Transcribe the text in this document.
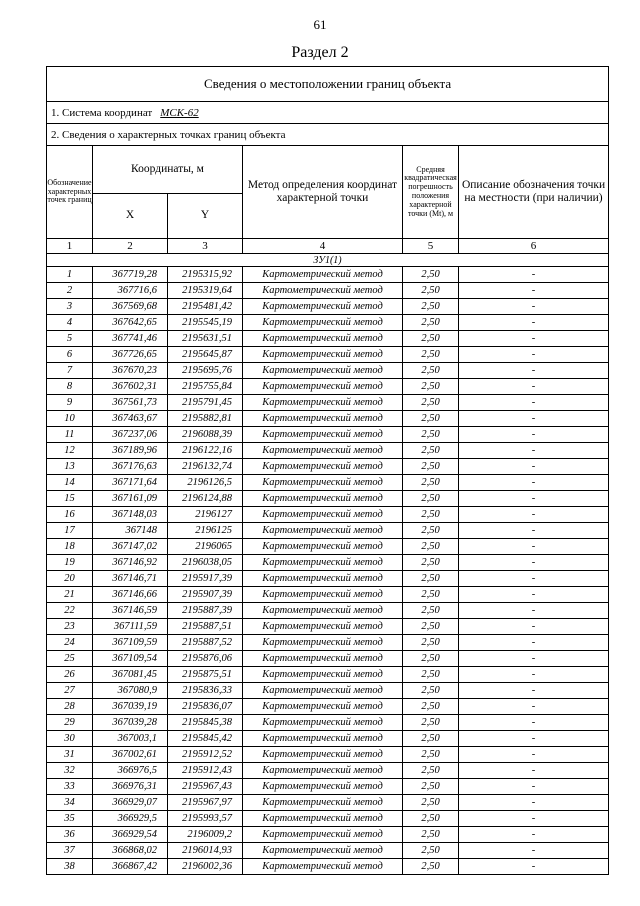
61
Раздел 2
Сведения о местоположении границ объекта					
1. Система координат МСК-62					
2. Сведения о характерных точках границ объекта					
Обозначение характерных точек границ	Координаты, м		Метод определения координат характерной точки	Средняя квадратическая погрешность положения характерной точки (Mt), м	Описание обозначения точки на местности (при наличии)
	X	Y			
1	2	3	4	5	6
ЗУ1(1)					
1	367719,28	2195315,92	Картометрический метод	2,50	-
2	367716,6	2195319,64	Картометрический метод	2,50	-
3	367569,68	2195481,42	Картометрический метод	2,50	-
4	367642,65	2195545,19	Картометрический метод	2,50	-
5	367741,46	2195631,51	Картометрический метод	2,50	-
6	367726,65	2195645,87	Картометрический метод	2,50	-
7	367670,23	2195695,76	Картометрический метод	2,50	-
8	367602,31	2195755,84	Картометрический метод	2,50	-
9	367561,73	2195791,45	Картометрический метод	2,50	-
10	367463,67	2195882,81	Картометрический метод	2,50	-
11	367237,06	2196088,39	Картометрический метод	2,50	-
12	367189,96	2196122,16	Картометрический метод	2,50	-
13	367176,63	2196132,74	Картометрический метод	2,50	-
14	367171,64	2196126,5	Картометрический метод	2,50	-
15	367161,09	2196124,88	Картометрический метод	2,50	-
16	367148,03	2196127	Картометрический метод	2,50	-
17	367148	2196125	Картометрический метод	2,50	-
18	367147,02	2196065	Картометрический метод	2,50	-
19	367146,92	2196038,05	Картометрический метод	2,50	-
20	367146,71	2195917,39	Картометрический метод	2,50	-
21	367146,66	2195907,39	Картометрический метод	2,50	-
22	367146,59	2195887,39	Картометрический метод	2,50	-
23	367111,59	2195887,51	Картометрический метод	2,50	-
24	367109,59	2195887,52	Картометрический метод	2,50	-
25	367109,54	2195876,06	Картометрический метод	2,50	-
26	367081,45	2195875,51	Картометрический метод	2,50	-
27	367080,9	2195836,33	Картометрический метод	2,50	-
28	367039,19	2195836,07	Картометрический метод	2,50	-
29	367039,28	2195845,38	Картометрический метод	2,50	-
30	367003,1	2195845,42	Картометрический метод	2,50	-
31	367002,61	2195912,52	Картометрический метод	2,50	-
32	366976,5	2195912,43	Картометрический метод	2,50	-
33	366976,31	2195967,43	Картометрический метод	2,50	-
34	366929,07	2195967,97	Картометрический метод	2,50	-
35	366929,5	2195993,57	Картометрический метод	2,50	-
36	366929,54	2196009,2	Картометрический метод	2,50	-
37	366868,02	2196014,93	Картометрический метод	2,50	-
38	366867,42	2196002,36	Картометрический метод	2,50	-
